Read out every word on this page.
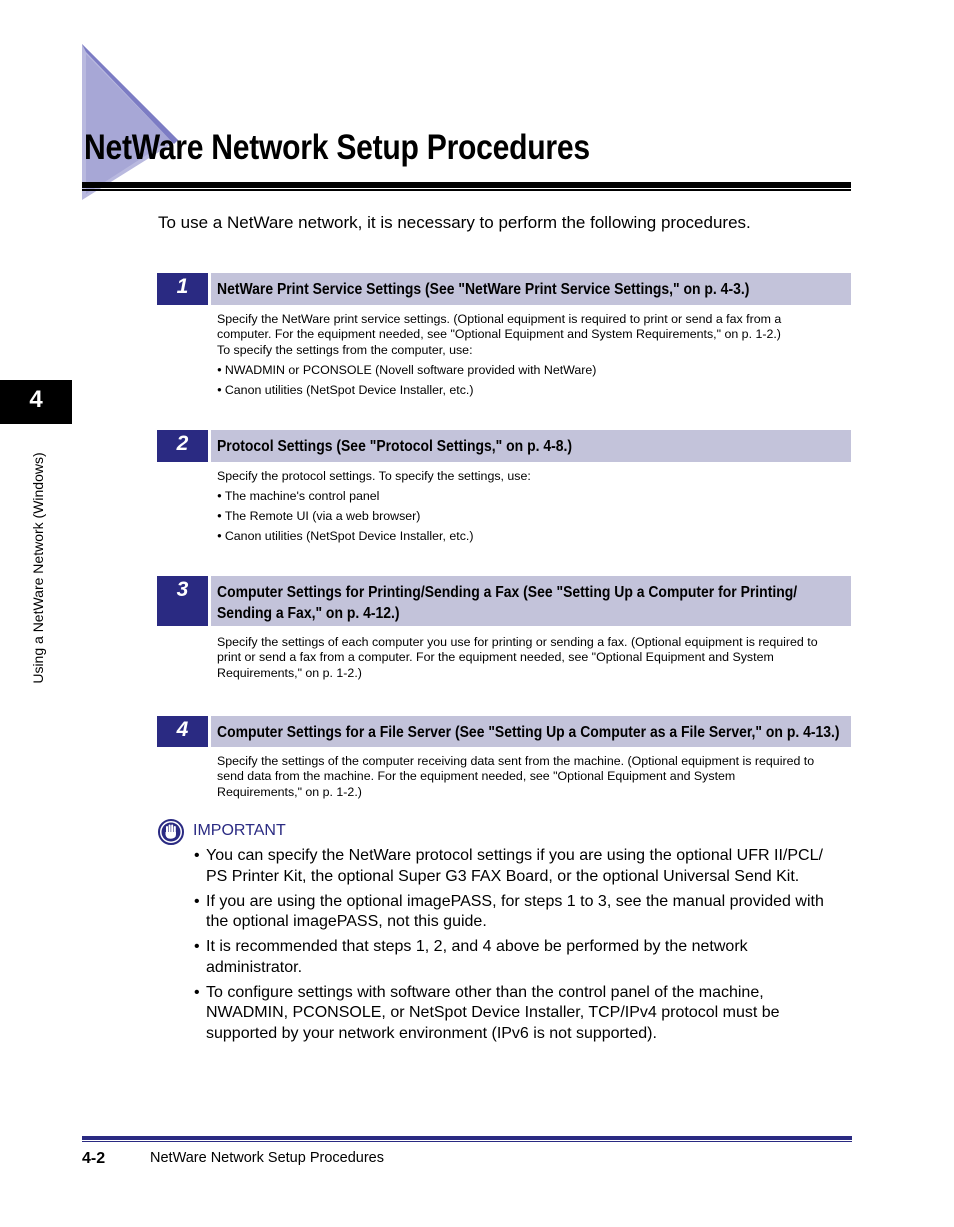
NetWare Network Setup Procedures
To use a NetWare network, it is necessary to perform the following procedures.
4
Using a NetWare Network (Windows)
1	NetWare Print Service Settings (See "NetWare Print Service Settings," on p. 4-3.)

Specify the NetWare print service settings. (Optional equipment is required to print or send a fax from a

computer. For the equipment needed, see "Optional Equipment and System Requirements," on p. 1-2.)

To specify the settings from the computer, use:

● NWADMIN or PCONSOLE (Novell software provided with NetWare)
● Canon utilities (NetSpot Device Installer, etc.)
2	Protocol Settings (See "Protocol Settings," on p. 4-8.)

Specify the protocol settings. To specify the settings, use:

● The machine's control panel
● The Remote UI (via a web browser)
● Canon utilities (NetSpot Device Installer, etc.)
3	Computer Settings for Printing/Sending a Fax (See "Setting Up a Computer for Printing/
Sending a Fax," on p. 4-12.)

Specify the settings of each computer you use for printing or sending a fax. (Optional equipment is required to

print or send a fax from a computer. For the equipment needed, see "Optional Equipment and System

Requirements," on p. 1-2.)

4	Computer Settings for a File Server (See "Setting Up a Computer as a File Server," on p. 4-13.)

Specify the settings of the computer receiving data sent from the machine. (Optional equipment is required to

send data from the machine. For the equipment needed, see "Optional Equipment and System

Requirements," on p. 1-2.)

IMPORTANT
• You can specify the NetWare protocol settings if you are using the optional UFR II/PCL/
PS Printer Kit, the optional Super G3 FAX Board, or the optional Universal Send Kit.
• If you are using the optional imagePASS, for steps 1 to 3, see the manual provided with
the optional imagePASS, not this guide.
• It is recommended that steps 1, 2, and 4 above be performed by the network
administrator.
• To configure settings with software other than the control panel of the machine,
NWADMIN, PCONSOLE, or NetSpot Device Installer, TCP/IPv4 protocol must be
supported by your network environment (IPv6 is not supported).
4-2	NetWare Network Setup Procedures
